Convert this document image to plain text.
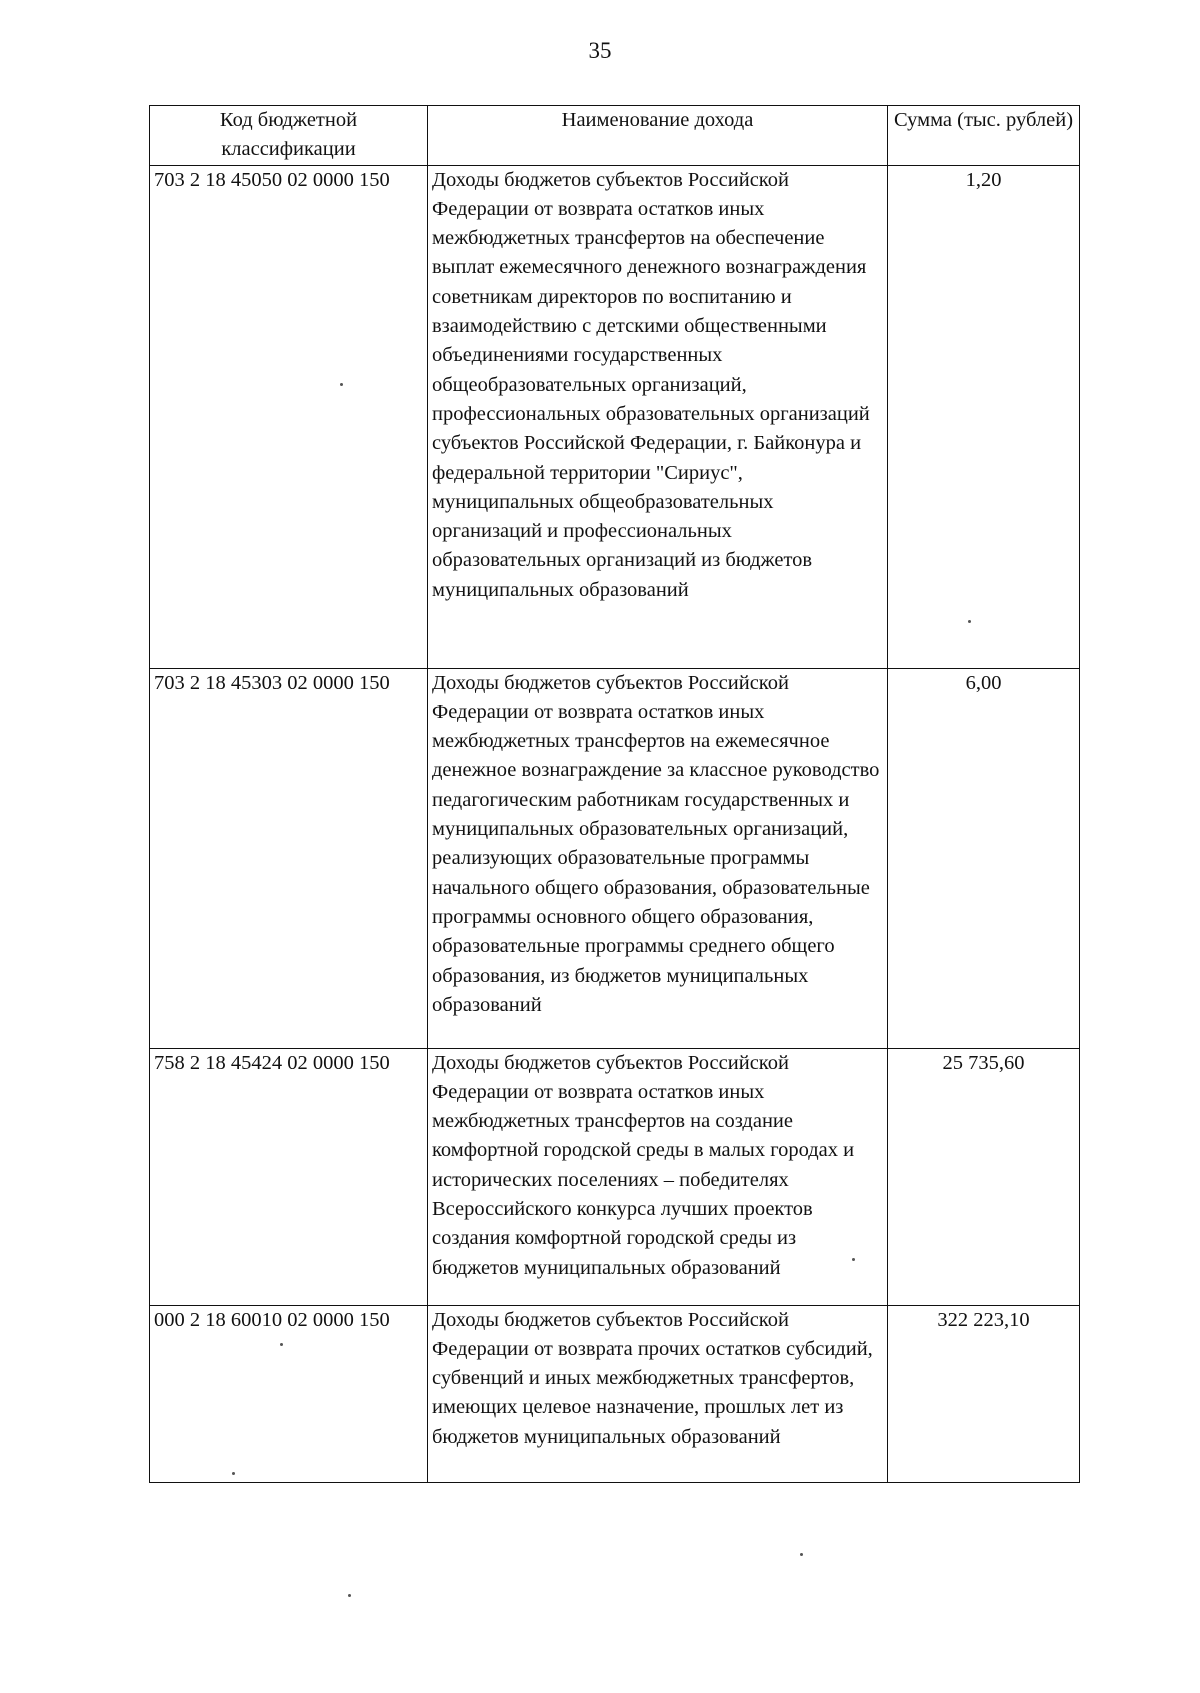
35
Код бюджетной классификации	Наименование дохода	Сумма (тыс. рублей)
703 2 18 45050 02 0000 150	Доходы бюджетов субъектов Российской Федерации от возврата остатков иных межбюджетных трансфертов на обеспечение выплат ежемесячного денежного вознаграждения советникам директоров по воспитанию и взаимодействию с детскими общественными объединениями государственных общеобразовательных организаций, профессиональных образовательных организаций субъектов Российской Федерации, г. Байконура и федеральной территории "Сириус", муниципальных общеобразовательных организаций и профессиональных образовательных организаций из бюджетов муниципальных образований	1,20
703 2 18 45303 02 0000 150	Доходы бюджетов субъектов Российской Федерации от возврата остатков иных межбюджетных трансфертов на ежемесячное денежное вознаграждение за классное руководство педагогическим работникам государственных и муниципальных образовательных организаций, реализующих образовательные программы начального общего образования, образовательные программы основного общего образования, образовательные программы среднего общего образования, из бюджетов муниципальных образований	6,00
758 2 18 45424 02 0000 150	Доходы бюджетов субъектов Российской Федерации от возврата остатков иных межбюджетных трансфертов на создание комфортной городской среды в малых городах и исторических поселениях – победителях Всероссийского конкурса лучших проектов создания комфортной городской среды из бюджетов муниципальных образований	25 735,60
000 2 18 60010 02 0000 150	Доходы бюджетов субъектов Российской Федерации от возврата прочих остатков субсидий, субвенций и иных межбюджетных трансфертов, имеющих целевое назначение, прошлых лет из бюджетов муниципальных образований	322 223,10
